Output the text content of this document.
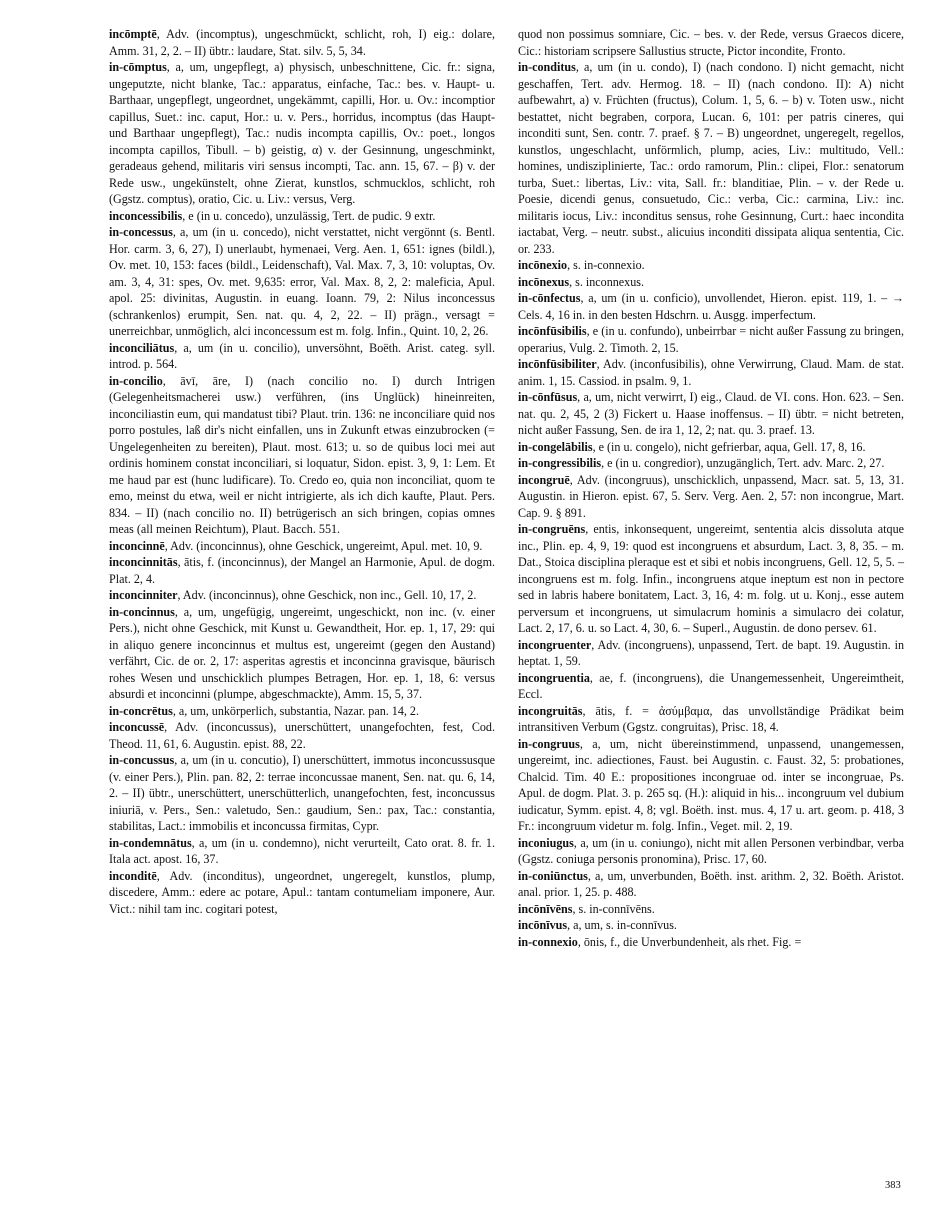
incōmptē, Adv. (incomptus), ungeschmückt, schlicht, roh, I) eig.: dolare, Amm. 31, 2, 2. – II) übtr.: laudare, Stat. silv. 5, 5, 34.

in-cōmptus, a, um, ungepflegt, a) physisch, unbeschnittene, Cic. fr.: signa, ungeputzte, nicht blanke, Tac.: apparatus, einfache, Tac.: bes. v. Haupt- u. Barthaar, ungepflegt, ungeordnet, ungekämmt, capilli, Hor. u. Ov.: incomptior capillus, Suet.: inc. caput, Hor.: u. v. Pers., horridus, incomptus (das Haupt- und Barthaar ungepflegt), Tac.: nudis incompta capillis, Ov.: poet., longos incompta capillos, Tibull. – b) geistig, α) v. der Gesinnung, ungeschminkt, geradeaus gehend, militaris viri sensus incompti, Tac. ann. 15, 67. – β) v. der Rede usw., ungekünstelt, ohne Zierat, kunstlos, schmucklos, schlicht, roh (Ggstz. comptus), oratio, Cic. u. Liv.: versus, Verg.

inconcessibilis, e (in u. concedo), unzulässig, Tert. de pudic. 9 extr.

in-concessus, a, um (in u. concedo), nicht verstattet, nicht vergönnt (s. Bentl. Hor. carm. 3, 6, 27), I) unerlaubt, hymenaei, Verg. Aen. 1, 651: ignes (bildl.), Ov. met. 10, 153: faces (bildl., Leidenschaft), Val. Max. 7, 3, 10: voluptas, Ov. am. 3, 4, 31: spes, Ov. met. 9,635: error, Val. Max. 8, 2, 2: maleficia, Apul. apol. 25: divinitas, Augustin. in euang. Ioann. 79, 2: Nilus inconcessus (schrankenlos) erumpit, Sen. nat. qu. 4, 2, 22. – II) prägn., versagt = unerreichbar, unmöglich, alci inconcessum est m. folg. Infin., Quint. 10, 2, 26.

inconciliātus, a, um (in u. concilio), unversöhnt, Boëth. Arist. categ. syll. introd. p. 564.

in-concilio, āvī, āre, I) (nach concilio no. I) durch Intrigen (Gelegenheitsmacherei usw.) verführen, (ins Unglück) hineinreiten, inconciliastin eum, qui mandatust tibi? Plaut. trin. 136: ne inconciliare quid nos porro postules, laß dir's nicht einfallen, uns in Zukunft etwas einzubrocken (= Ungelegenheiten zu bereiten), Plaut. most. 613; u. so de quibus loci mei aut ordinis hominem constat inconciliari, si loquatur, Sidon. epist. 3, 9, 1: Lem. Et me haud par est (hunc ludificare). To. Credo eo, quia non inconciliat, quom te emo, meinst du etwa, weil er nicht intrigierte, als ich dich kaufte, Plaut. Pers. 834. – II) (nach concilio no. II) betrügerisch an sich bringen, copias omnes meas (all meinen Reichtum), Plaut. Bacch. 551.

inconcinnē, Adv. (inconcinnus), ohne Geschick, ungereimt, Apul. met. 10, 9.

inconcinnitās, ātis, f. (inconcinnus), der Mangel an Harmonie, Apul. de dogm. Plat. 2, 4.

inconcinniter, Adv. (inconcinnus), ohne Geschick, non inc., Gell. 10, 17, 2.

in-concinnus, a, um, ungefügig, ungereimt, ungeschickt, non inc. (v. einer Pers.), nicht ohne Geschick, mit Kunst u. Gewandtheit, Hor. ep. 1, 17, 29: qui in aliquo genere inconcinnus et multus est, ungereimt (gegen den Austand) verfährt, Cic. de or. 2, 17: asperitas agrestis et inconcinna gravisque, bäurisch rohes Wesen und unschicklich plumpes Betragen, Hor. ep. 1, 18, 6: versus absurdi et inconcinni (plumpe, abgeschmackte), Amm. 15, 5, 37.

in-concrētus, a, um, unkörperlich, substantia, Nazar. pan. 14, 2.

inconcussē, Adv. (inconcussus), unerschüttert, unangefochten, fest, Cod. Theod. 11, 61, 6. Augustin. epist. 88, 22.

in-concussus, a, um (in u. concutio), I) unerschüttert, immotus inconcussusque (v. einer Pers.), Plin. pan. 82, 2: terrae inconcussae manent, Sen. nat. qu. 6, 14, 2. – II) übtr., unerschüttert, unerschütterlich, unangefochten, fest, inconcussus iniuriā, v. Pers., Sen.: valetudo, Sen.: gaudium, Sen.: pax, Tac.: constantia, stabilitas, Lact.: immobilis et inconcussa firmitas, Cypr.

in-condemnātus, a, um (in u. condemno), nicht verurteilt, Cato orat. 8. fr. 1. Itala act. apost. 16, 37.

inconditē, Adv. (inconditus), ungeordnet, ungeregelt, kunstlos, plump, discedere, Amm.: edere ac potare, Apul.: tantam contumeliam imponere, Aur. Vict.: nihil tam inc. cogitari potest,

quod non possimus somniare, Cic. – bes. v. der Rede, versus Graecos dicere, Cic.: historiam scripsere Sallustius structe, Pictor incondite, Fronto.

in-conditus, a, um (in u. condo), I) (nach condono. I) nicht gemacht, nicht geschaffen, Tert. adv. Hermog. 18. – II) (nach condono. II): A) nicht aufbewahrt, a) v. Früchten (fructus), Colum. 1, 5, 6. – b) v. Toten usw., nicht bestattet, nicht begraben, corpora, Lucan. 6, 101: per patris cineres, qui inconditi sunt, Sen. contr. 7. praef. § 7. – B) ungeordnet, ungeregelt, regellos, kunstlos, ungeschlacht, unförmlich, plump, acies, Liv.: multitudo, Vell.: homines, undisziplinierte, Tac.: ordo ramorum, Plin.: clipei, Flor.: senatorum turba, Suet.: libertas, Liv.: vita, Sall. fr.: blanditiae, Plin. – v. der Rede u. Poesie, dicendi genus, consuetudo, Cic.: verba, Cic.: carmina, Liv.: inc. militaris iocus, Liv.: inconditus sensus, rohe Gesinnung, Curt.: haec incondita iactabat, Verg. – neutr. subst., alicuius inconditi dissipata aliqua sententia, Cic. or. 233.

incōnexio, s. in-connexio.

incōnexus, s. inconnexus.

in-cōnfectus, a, um (in u. conficio), unvollendet, Hieron. epist. 119, 1. – → Cels. 4, 16 in. in den besten Hdschrn. u. Ausgg. imperfectum.

incōnfūsibilis, e (in u. confundo), unbeirrbar = nicht außer Fassung zu bringen, operarius, Vulg. 2. Timoth. 2, 15.

incōnfūsibiliter, Adv. (inconfusibilis), ohne Verwirrung, Claud. Mam. de stat. anim. 1, 15. Cassiod. in psalm. 9, 1.

in-cōnfūsus, a, um, nicht verwirrt, I) eig., Claud. de VI. cons. Hon. 623. – Sen. nat. qu. 2, 45, 2 (3) Fickert u. Haase inoffensus. – II) übtr. = nicht betreten, nicht außer Fassung, Sen. de ira 1, 12, 2; nat. qu. 3. praef. 13.

in-congelābilis, e (in u. congelo), nicht gefrierbar, aqua, Gell. 17, 8, 16.

in-congressibilis, e (in u. congredior), unzugänglich, Tert. adv. Marc. 2, 27.

incongruē, Adv. (incongruus), unschicklich, unpassend, Macr. sat. 5, 13, 31. Augustin. in Hieron. epist. 67, 5. Serv. Verg. Aen. 2, 57: non incongrue, Mart. Cap. 9. § 891.

in-congruēns, entis, inkonsequent, ungereimt, sententia alcis dissoluta atque inc., Plin. ep. 4, 9, 19: quod est incongruens et absurdum, Lact. 3, 8, 35. – m. Dat., Stoica disciplina pleraque est et sibi et nobis incongruens, Gell. 12, 5, 5. – incongruens est m. folg. Infin., incongruens atque ineptum est non in pectore sed in labris habere bonitatem, Lact. 3, 16, 4: m. folg. ut u. Konj., esse autem perversum et incongruens, ut simulacrum hominis a simulacro dei colatur, Lact. 2, 17, 6. u. so Lact. 4, 30, 6. – Superl., Augustin. de dono persev. 61.

incongruenter, Adv. (incongruens), unpassend, Tert. de bapt. 19. Augustin. in heptat. 1, 59.

incongruentia, ae, f. (incongruens), die Unangemessenheit, Ungereimtheit, Eccl.

incongruitās, ātis, f. = ἀσύμβαμα, das unvollständige Prädikat beim intransitiven Verbum (Ggstz. congruitas), Prisc. 18, 4.

in-congruus, a, um, nicht übereinstimmend, unpassend, unangemessen, ungereimt, inc. adiectiones, Faust. bei Augustin. c. Faust. 32, 5: probationes, Chalcid. Tim. 40 E.: propositiones incongruae od. inter se incongruae, Ps. Apul. de dogm. Plat. 3. p. 265 sq. (H.): aliquid in his... incongruum vel dubium iudicatur, Symm. epist. 4, 8; vgl. Boëth. inst. mus. 4, 17 u. art. geom. p. 418, 3 Fr.: incongruum videtur m. folg. Infin., Veget. mil. 2, 19.

inconiugus, a, um (in u. coniungo), nicht mit allen Personen verbindbar, verba (Ggstz. coniuga personis pronomina), Prisc. 17, 60.

in-coniūnctus, a, um, unverbunden, Boëth. inst. arithm. 2, 32. Boëth. Aristot. anal. prior. 1, 25. p. 488.

incōnīvēns, s. in-connīvēns.

incōnīvus, a, um, s. in-connīvus.

in-connexio, ōnis, f., die Unverbundenheit, als rhet. Fig. =

383
